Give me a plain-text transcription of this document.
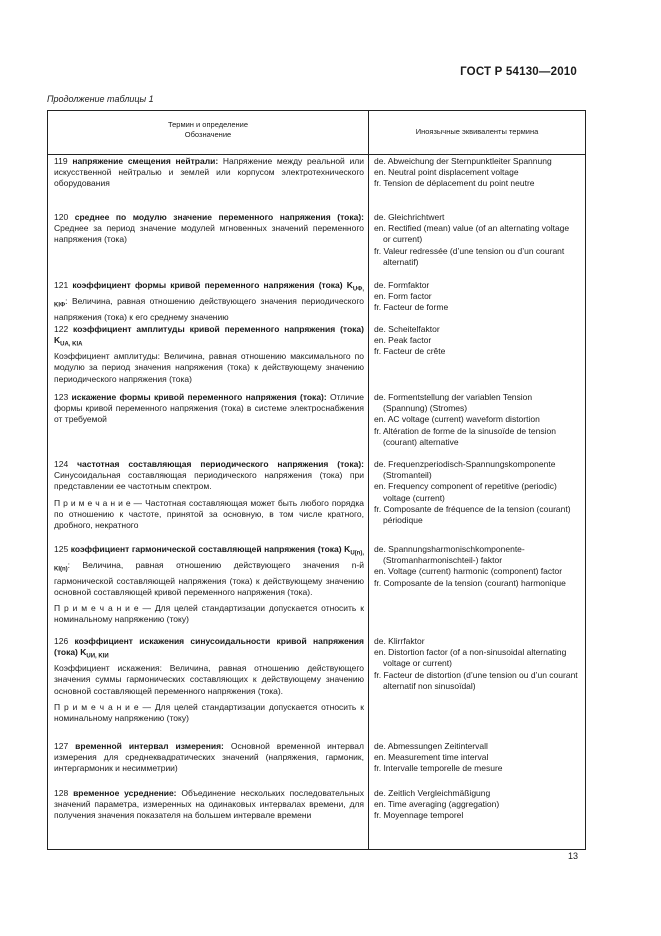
ГОСТ Р 54130—2010
Продолжение таблицы 1
Термин и определение
Обозначение	Иноязычные эквиваленты термина

119 напряжение смещения нейтрали: Напряжение между реальной или искусственной нейтралью и землей или корпусом электротехнического оборудования

de. Abweichung der Sternpunktleiter Spannung
en. Neutral point displacement voltage
fr. Tension de déplacement du point neutre

120 среднее по модулю значение переменного напряжения (тока): Среднее за период значение модулей мгновенных значений переменного напряжения (тока)

de. Gleichrichtwert
en. Rectified (mean) value (of an alternating voltage or current)
fr. Valeur redressée (d’une tension ou d’un courant alternatif)

121 коэффициент формы кривой переменного напряжения (тока) $K_{UФ, KIФ}$: Величина, равная отношению действующего значения периодического напряжения (тока) к его среднему значению

de. Formfaktor
en. Form factor
fr. Facteur de forme

122 коэффициент амплитуды кривой переменного напряжения (тока) $K_{UA, KIA}$

Коэффициент амплитуды: Величина, равная отношению максимального по модулю за период значения напряжения (тока) к действующему значению периодического напряжения (тока)

de. Scheitelfaktor
en. Peak factor
fr. Facteur de crête

123 искажение формы кривой переменного напряжения (тока): Отличие формы кривой переменного напряжения (тока) в системе электроснабжения от требуемой

de. Formentstellung der variablen Tension (Spannung) (Stromes)
en. AC voltage (current) waveform distortion
fr. Altération de forme de la sinusoïde de tension (courant) alternative

124 частотная составляющая периодического напряжения (тока): Синусоидальная составляющая периодического напряжения (тока) при представлении ее частотным спектром.

П р и м е ч а н и е — Частотная составляющая может быть любого порядка по отношению к частоте, принятой за основную, в том числе кратного, дробного, некратного

de. Frequenzperiodisch-Spannungskomponente (Stromanteil)
en. Frequency component of repetitive (periodic) voltage (current)
fr. Composante de fréquence de la tension (courant) périodique

125 коэффициент гармонической составляющей напряжения (тока) $K_{U(n), KI(n)}$: Величина, равная отношению действующего значения n-й гармонической составляющей напряжения (тока) к действующему значению основной составляющей кривой переменного напряжения (тока).

П р и м е ч а н и е — Для целей стандартизации допускается относить к номинальному напряжению (току)

de. Spannungsharmonischkomponente-(Stromanharmonischteil-) faktor
en. Voltage (current) harmonic (component) factor
fr. Composante de la tension (courant) harmonique

126 коэффициент искажения синусоидальности кривой напряжения (тока) $K_{UИ, KIИ}$

Коэффициент искажения: Величина, равная отношению действующего значения суммы гармонических составляющих к действующему значению основной составляющей переменного напряжения (тока).

П р и м е ч а н и е — Для целей стандартизации допускается относить к номинальному напряжению (току)

de. Klirrfaktor
en. Distortion factor (of a non-sinusoidal alternating voltage or current)
fr. Facteur de distortion (d’une tension ou d’un courant alternatif non sinusoïdal)

127 временной интервал измерения: Основной временной интервал измерения для среднеквадратических значений (напряжения, гармоник, интергармоник и несимметрии)

de. Abmessungen Zeitintervall
en. Measurement time interval
fr. Intervalle temporelle de mesure

128 временное усреднение: Объединение нескольких последовательных значений параметра, измеренных на одинаковых интервалах времени, для получения значения показателя на большем интервале времени

de. Zeitlich Vergleichmäßigung
en. Time averaging (aggregation)
fr. Moyennage temporel
13
